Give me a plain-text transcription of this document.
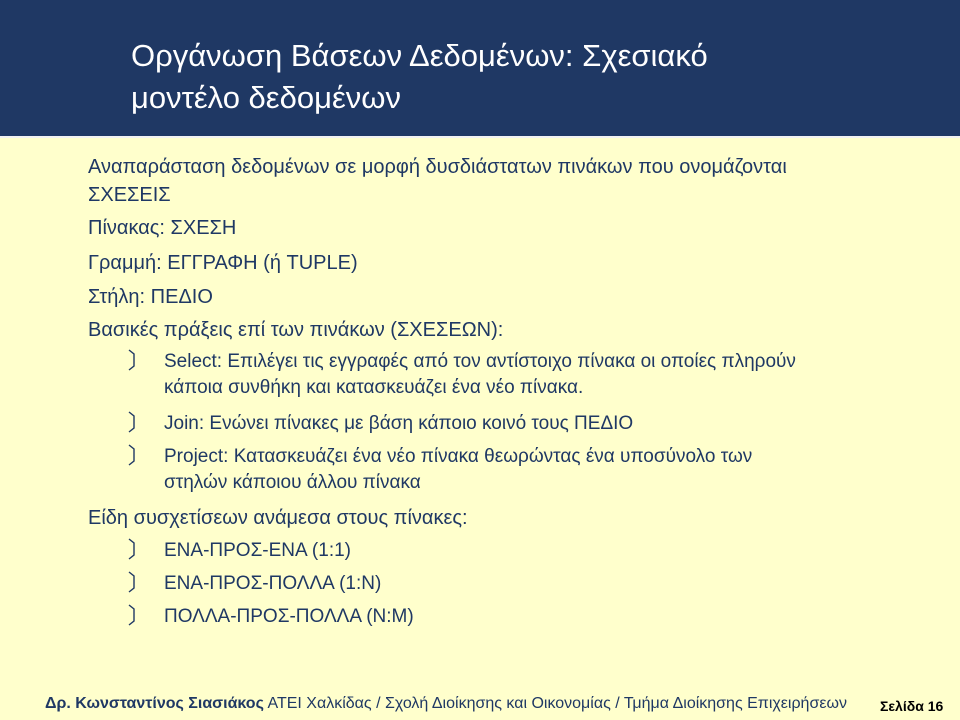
Οργάνωση Βάσεων Δεδομένων: Σχεσιακό
μοντέλο δεδομένων
Αναπαράσταση δεδομένων σε μορφή δυσδιάστατων πινάκων που ονομάζονται
ΣΧΕΣΕΙΣ
Πίνακας: ΣΧΕΣΗ
Γραμμή: ΕΓΓΡΑΦΗ (ή TUPLE)
Στήλη: ΠΕΔΙΟ
Βασικές πράξεις επί των πινάκων (ΣΧΕΣΕΩΝ):
Select: Επιλέγει τις εγγραφές από τον αντίστοιχο πίνακα οι οποίες πληρούν
κάποια συνθήκη και κατασκευάζει ένα νέο πίνακα.
Join: Ενώνει πίνακες με βάση κάποιο κοινό τους ΠΕΔΙΟ
Project: Κατασκευάζει ένα νέο πίνακα θεωρώντας ένα υποσύνολο των
στηλών κάποιου άλλου πίνακα
Είδη συσχετίσεων ανάμεσα στους πίνακες:
ΕΝΑ-ΠΡΟΣ-ΕΝΑ (1:1)
ΕΝΑ-ΠΡΟΣ-ΠΟΛΛΑ (1:Ν)
ΠΟΛΛΑ-ΠΡΟΣ-ΠΟΛΛΑ (Ν:Μ)
Δρ. Κωνσταντίνος Σιασιάκος ΑΤΕΙ Χαλκίδας / Σχολή Διοίκησης και Οικονομίας / Τμήμα Διοίκησης Επιχειρήσεων Σελίδα 16
